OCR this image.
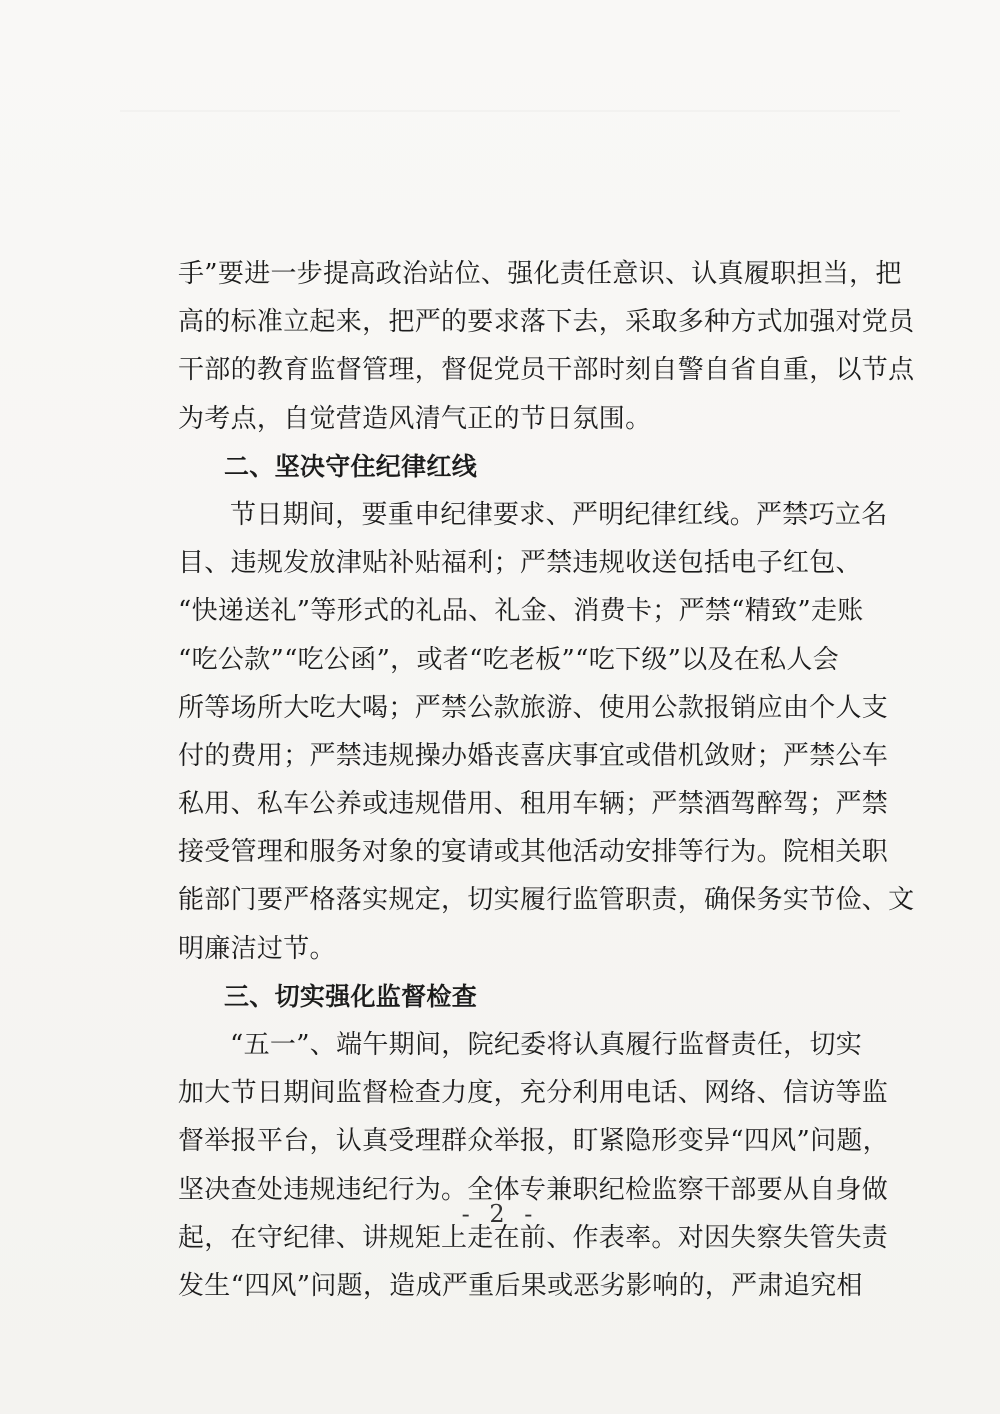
手”要进一步提高政治站位、强化责任意识、认真履职担当，把
高的标准立起来，把严的要求落下去，采取多种方式加强对党员
干部的教育监督管理，督促党员干部时刻自警自省自重，以节点
为考点，自觉营造风清气正的节日氛围。
二、坚决守住纪律红线
节日期间，要重申纪律要求、严明纪律红线。严禁巧立名
目、违规发放津贴补贴福利；严禁违规收送包括电子红包、
“快递送礼”等形式的礼品、礼金、消费卡；严禁“精致”走账
“吃公款”“吃公函”，或者“吃老板”“吃下级”以及在私人会
所等场所大吃大喝；严禁公款旅游、使用公款报销应由个人支
付的费用；严禁违规操办婚丧喜庆事宜或借机敛财；严禁公车
私用、私车公养或违规借用、租用车辆；严禁酒驾醉驾；严禁
接受管理和服务对象的宴请或其他活动安排等行为。院相关职
能部门要严格落实规定，切实履行监管职责，确保务实节俭、文
明廉洁过节。
三、切实强化监督检查
“五一”、端午期间，院纪委将认真履行监督责任，切实
加大节日期间监督检查力度，充分利用电话、网络、信访等监
督举报平台，认真受理群众举报，盯紧隐形变异“四风”问题，
坚决查处违规违纪行为。全体专兼职纪检监察干部要从自身做
起，在守纪律、讲规矩上走在前、作表率。对因失察失管失责
发生“四风”问题，造成严重后果或恶劣影响的，严肃追究相
- 2 -
